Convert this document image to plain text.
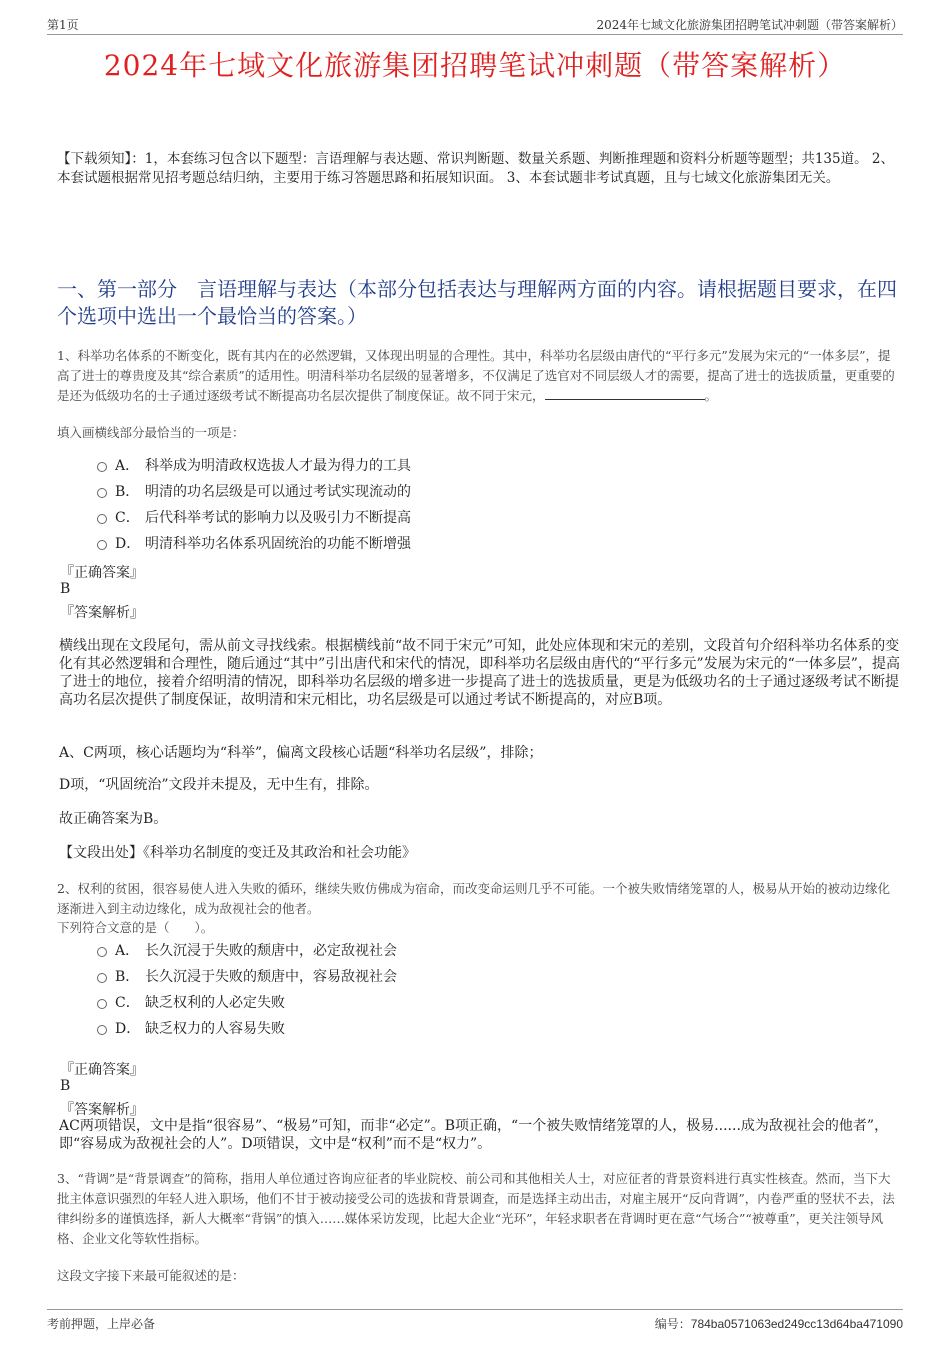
第1页	2024年七域文化旅游集团招聘笔试冲刺题（带答案解析）
2024年七域文化旅游集团招聘笔试冲刺题（带答案解析）
【下载须知】：1，本套练习包含以下题型：言语理解与表达题、常识判断题、数量关系题、判断推理题和资料分析题等题型；共135道。 2、本套试题根据常见招考题总结归纳，主要用于练习答题思路和拓展知识面。 3、本套试题非考试真题，且与七域文化旅游集团无关。
一、第一部分　言语理解与表达（本部分包括表达与理解两方面的内容。请根据题目要求，在四个选项中选出一个最恰当的答案。）
1、科举功名体系的不断变化，既有其内在的必然逻辑，又体现出明显的合理性。其中，科举功名层级由唐代的“平行多元”发展为宋元的“一体多层”，提高了进士的尊贵度及其“综合素质”的适用性。明清科举功名层级的显著增多，不仅满足了选官对不同层级人才的需要，提高了进士的选拔质量，更重要的是还为低级功名的士子通过逐级考试不断提高功名层次提供了制度保证。故不同于宋元，	。
填入画横线部分最恰当的一项是：
A． 科举成为明清政权选拔人才最为得力的工具
B． 明清的功名层级是可以通过考试实现流动的
C． 后代科举考试的影响力以及吸引力不断提高
D． 明清科举功名体系巩固统治的功能不断增强
『正确答案』
B
『答案解析』
横线出现在文段尾句，需从前文寻找线索。根据横线前“故不同于宋元”可知，此处应体现和宋元的差别，文段首句介绍科举功名体系的变化有其必然逻辑和合理性，随后通过“其中”引出唐代和宋代的情况，即科举功名层级由唐代的“平行多元”发展为宋元的“一体多层”，提高了进士的地位，接着介绍明清的情况，即科举功名层级的增多进一步提高了进士的选拔质量，更是为低级功名的士子通过逐级考试不断提高功名层次提供了制度保证，故明清和宋元相比，功名层级是可以通过考试不断提高的，对应B项。
A、C两项，核心话题均为“科举”，偏离文段核心话题“科举功名层级”，排除；
D项，“巩固统治”文段并未提及，无中生有，排除。
故正确答案为B。
【文段出处】《科举功名制度的变迁及其政治和社会功能》
2、权利的贫困，很容易使人进入失败的循环，继续失败仿佛成为宿命，而改变命运则几乎不可能。一个被失败情绪笼罩的人，极易从开始的被动边缘化逐渐进入到主动边缘化，成为敌视社会的他者。
下列符合文意的是（　　）。
A． 长久沉浸于失败的颓唐中，必定敌视社会
B． 长久沉浸于失败的颓唐中，容易敌视社会
C． 缺乏权利的人必定失败
D． 缺乏权力的人容易失败
『正确答案』
B
『答案解析』
AC两项错误，文中是指“很容易”、“极易”可知，而非“必定”。B项正确，“一个被失败情绪笼罩的人，极易......成为敌视社会的他者”，即“容易成为敌视社会的人”。D项错误，文中是“权利”而不是“权力”。
3、“背调”是“背景调查”的简称，指用人单位通过咨询应征者的毕业院校、前公司和其他相关人士，对应征者的背景资料进行真实性核查。然而，当下大批主体意识强烈的年轻人进入职场，他们不甘于被动接受公司的选拔和背景调查，而是选择主动出击，对雇主展开“反向背调”，内卷严重的竖状不去，法律纠纷多的谨慎选择，新人大概率“背锅”的慎入……媒体采访发现，比起大企业“光环”，年轻求职者在背调时更在意“气场合”“被尊重”，更关注领导风格、企业文化等软性指标。
这段文字接下来最可能叙述的是：
考前押题，上岸必备	编号：784ba0571063ed249cc13d64ba471090
